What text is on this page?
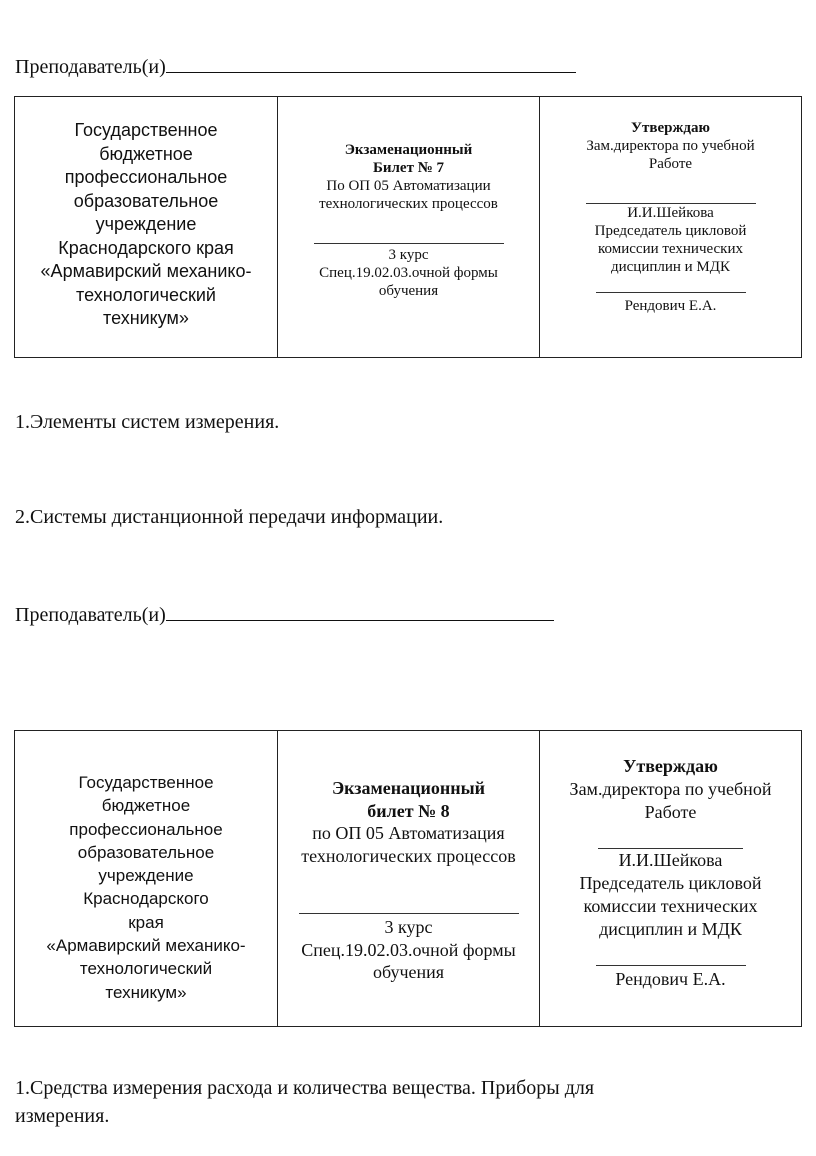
Преподаватель(и)
Государственное
бюджетное
профессиональное
образовательное
учреждение
Краснодарского края
«Армавирский механико-
технологический
техникум»
Экзаменационный
Билет № 7
По ОП 05 Автоматизации
технологических процессов
3 курс
Спец.19.02.03.очной формы
обучения
Утверждаю
Зам.директора по учебной
Работе
И.И.Шейкова
Председатель цикловой
комиссии технических
дисциплин и МДК
Рендович Е.А.
1.Элементы систем измерения.
2.Системы дистанционной передачи информации.
Преподаватель(и)
Государственное
бюджетное
профессиональное
образовательное
учреждение
Краснодарского
края
«Армавирский механико-
технологический
техникум»
Экзаменационный
билет № 8
по ОП 05 Автоматизация
технологических процессов
3 курс
Спец.19.02.03.очной формы
обучения
Утверждаю
Зам.директора по учебной
Работе
И.И.Шейкова
Председатель цикловой
комиссии технических
дисциплин и МДК
Рендович Е.А.
1.Средства измерения расхода и количества вещества. Приборы для
измерения.
